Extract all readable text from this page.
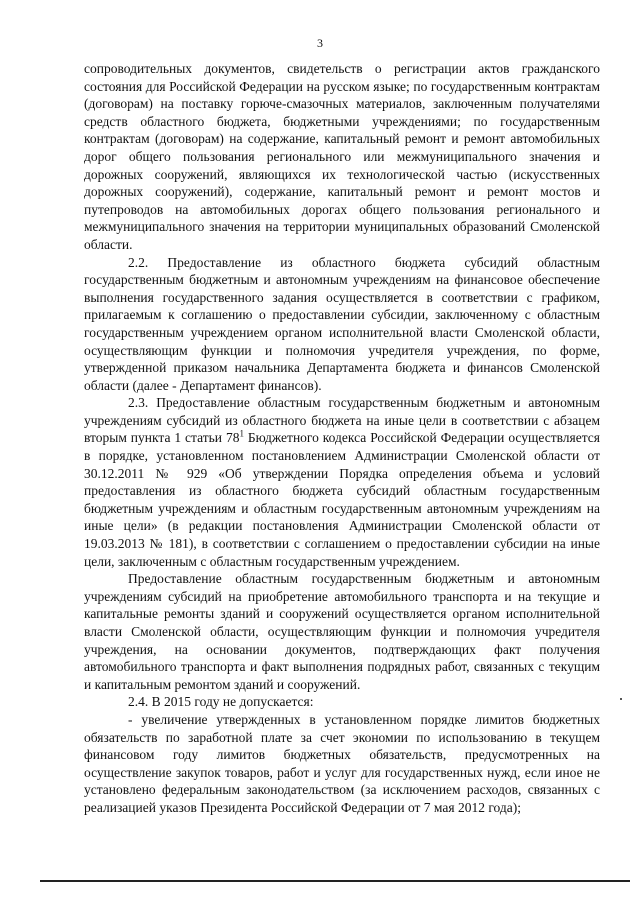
3

сопроводительных документов, свидетельств о регистрации актов гражданского состояния для Российской Федерации на русском языке; по государственным контрактам (договорам) на поставку горюче-смазочных материалов, заключенным получателями средств областного бюджета, бюджетными учреждениями; по государственным контрактам (договорам) на содержание, капитальный ремонт и ремонт автомобильных дорог общего пользования регионального или межмуниципального значения и дорожных сооружений, являющихся их технологической частью (искусственных дорожных сооружений), содержание, капитальный ремонт и ремонт мостов и путепроводов на автомобильных дорогах общего пользования регионального и межмуниципального значения на территории муниципальных образований Смоленской области.

2.2. Предоставление из областного бюджета субсидий областным государственным бюджетным и автономным учреждениям на финансовое обеспечение выполнения государственного задания осуществляется в соответствии с графиком, прилагаемым к соглашению о предоставлении субсидии, заключенному с областным государственным учреждением органом исполнительной власти Смоленской области, осуществляющим функции и полномочия учредителя учреждения, по форме, утвержденной приказом начальника Департамента бюджета и финансов Смоленской области (далее - Департамент финансов).

2.3. Предоставление областным государственным бюджетным и автономным учреждениям субсидий из областного бюджета на иные цели в соответствии с абзацем вторым пункта 1 статьи $78^1$ Бюджетного кодекса Российской Федерации осуществляется в порядке, установленном постановлением Администрации Смоленской области от 30.12.2011 № 929 «Об утверждении Порядка определения объема и условий предоставления из областного бюджета субсидий областным государственным бюджетным учреждениям и областным государственным автономным учреждениям на иные цели» (в редакции постановления Администрации Смоленской области от 19.03.2013 № 181), в соответствии с соглашением о предоставлении субсидии на иные цели, заключенным с областным государственным учреждением.

Предоставление областным государственным бюджетным и автономным учреждениям субсидий на приобретение автомобильного транспорта и на текущие и капитальные ремонты зданий и сооружений осуществляется органом исполнительной власти Смоленской области, осуществляющим функции и полномочия учредителя учреждения, на основании документов, подтверждающих факт получения автомобильного транспорта и факт выполнения подрядных работ, связанных с текущим и капитальным ремонтом зданий и сооружений.

2.4. В 2015 году не допускается:

- увеличение утвержденных в установленном порядке лимитов бюджетных обязательств по заработной плате за счет экономии по использованию в текущем финансовом году лимитов бюджетных обязательств, предусмотренных на осуществление закупок товаров, работ и услуг для государственных нужд, если иное не установлено федеральным законодательством (за исключением расходов, связанных с реализацией указов Президента Российской Федерации от 7 мая 2012 года);
